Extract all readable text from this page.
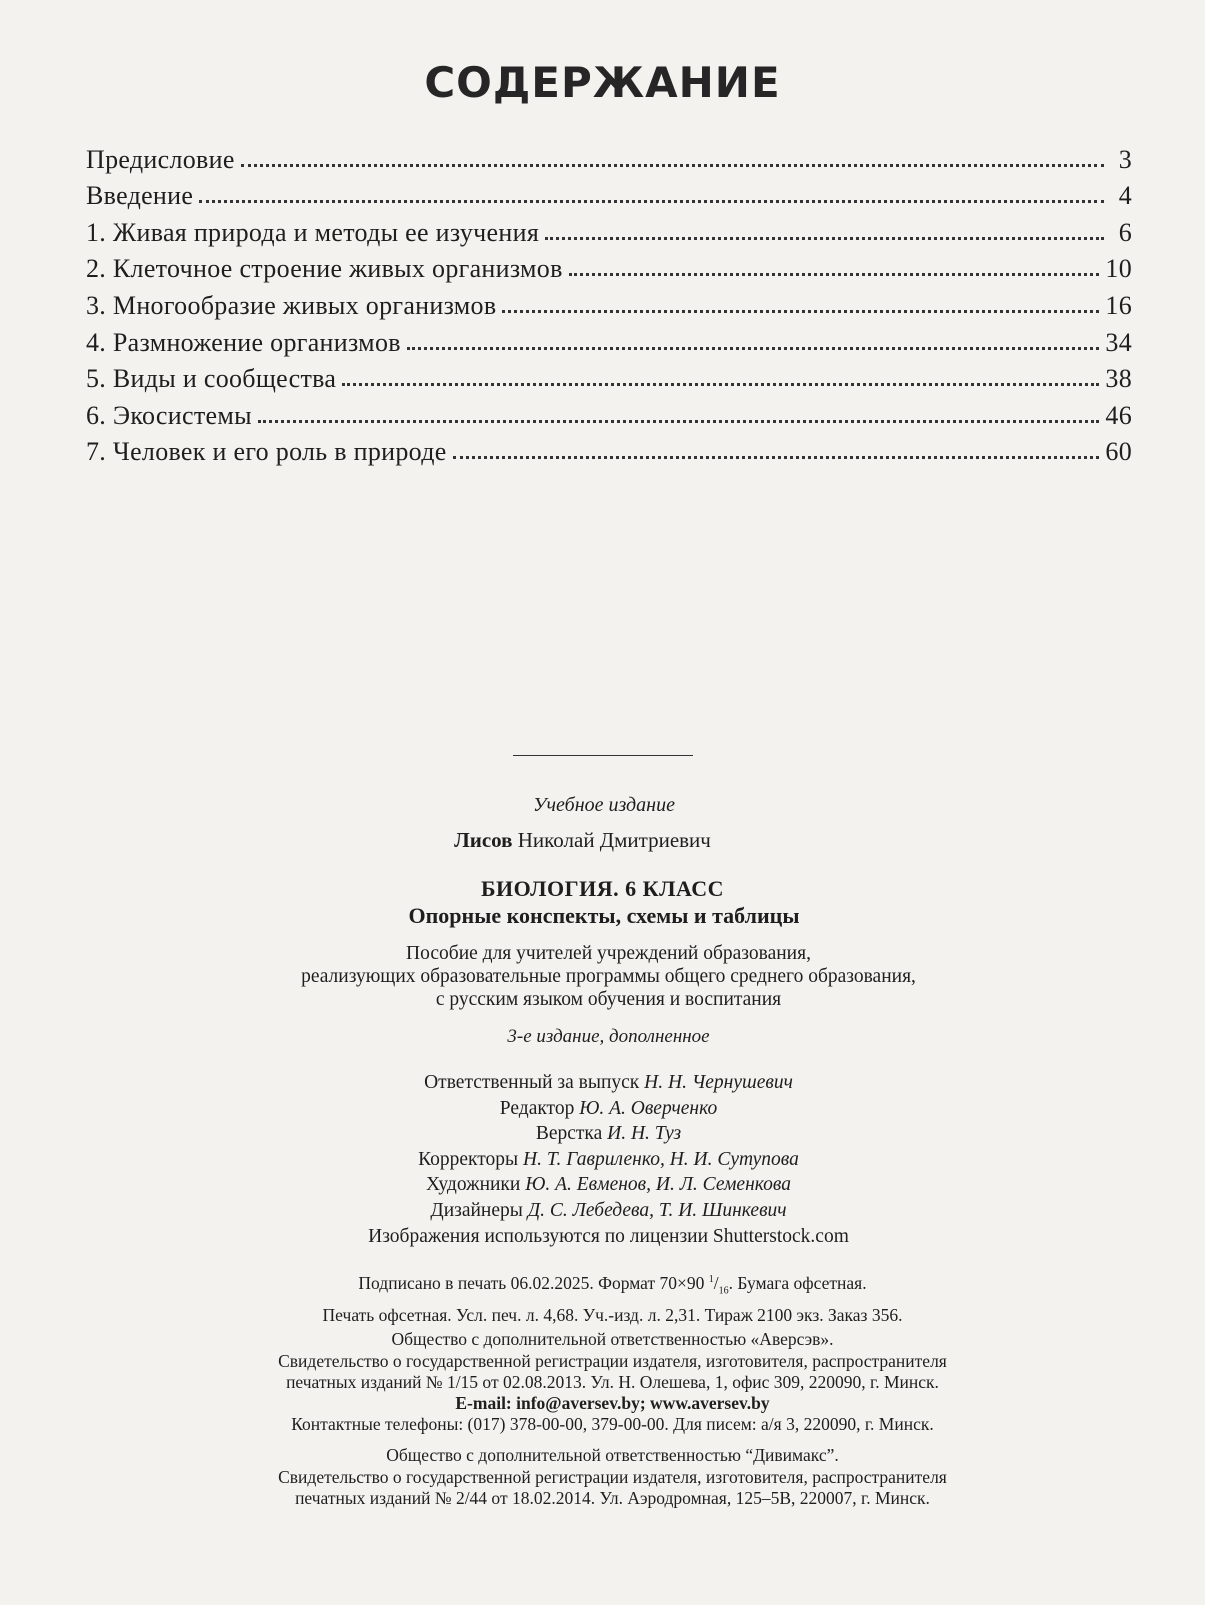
СОДЕРЖАНИЕ
Предисловие	3
Введение	4
1. Живая природа и методы ее изучения	6
2. Клеточное строение живых организмов	10
3. Многообразие живых организмов	16
4. Размножение организмов	34
5. Виды и сообщества	38
6. Экосистемы	46
7. Человек и его роль в природе	60
Учебное издание
Лисов Николай Дмитриевич
БИОЛОГИЯ. 6 КЛАСС
Опорные конспекты, схемы и таблицы
Пособие для учителей учреждений образования,
реализующих образовательные программы общего среднего образования,
с русским языком обучения и воспитания
3-е издание, дополненное
Ответственный за выпуск Н. Н. Чернушевич
Редактор Ю. А. Оверченко
Верстка И. Н. Туз
Корректоры Н. Т. Гавриленко, Н. И. Сутупова
Художники Ю. А. Евменов, И. Л. Семенкова
Дизайнеры Д. С. Лебедева, Т. И. Шинкевич
Изображения используются по лицензии Shutterstock.com
Подписано в печать 06.02.2025. Формат 70×90 $^1/_{16}$. Бумага офсетная.
Печать офсетная. Усл. печ. л. 4,68. Уч.-изд. л. 2,31. Тираж 2100 экз. Заказ 356.
Общество с дополнительной ответственностью «Аверсэв».
Свидетельство о государственной регистрации издателя, изготовителя, распространителя
печатных изданий № 1/15 от 02.08.2013. Ул. Н. Олешева, 1, офис 309, 220090, г. Минск.
E-mail: info@aversev.by; www.aversev.by
Контактные телефоны: (017) 378-00-00, 379-00-00. Для писем: а/я 3, 220090, г. Минск.
Общество с дополнительной ответственностью “Дивимакс”.
Свидетельство о государственной регистрации издателя, изготовителя, распространителя
печатных изданий № 2/44 от 18.02.2014. Ул. Аэродромная, 125–5В, 220007, г. Минск.
